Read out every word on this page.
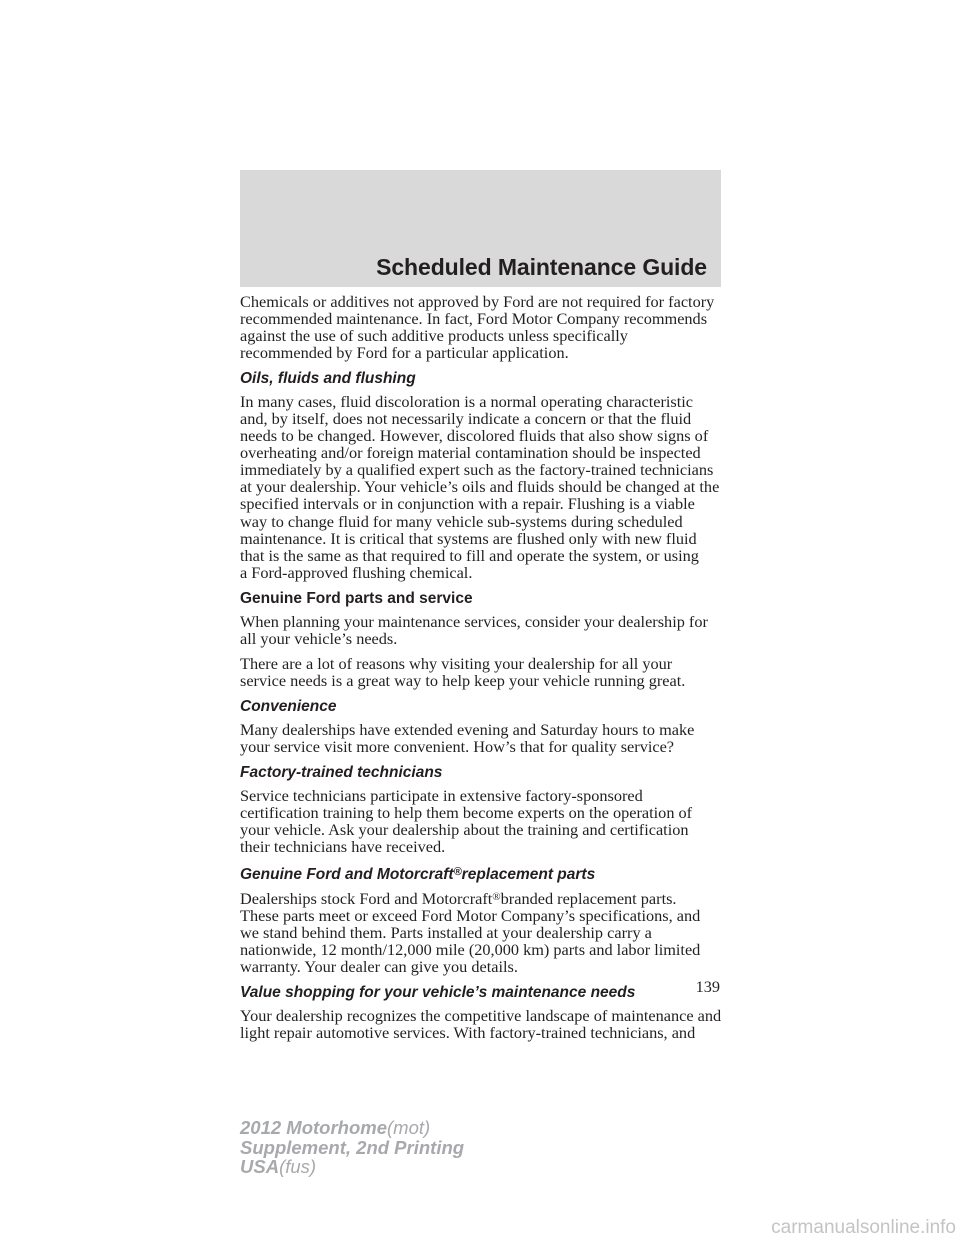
Scheduled Maintenance Guide

Chemicals or additives not approved by Ford are not required for factory
recommended maintenance. In fact, Ford Motor Company recommends
against the use of such additive products unless specifically
recommended by Ford for a particular application.

Oils, fluids and flushing

In many cases, fluid discoloration is a normal operating characteristic
and, by itself, does not necessarily indicate a concern or that the fluid
needs to be changed. However, discolored fluids that also show signs of
overheating and/or foreign material contamination should be inspected
immediately by a qualified expert such as the factory-trained technicians
at your dealership. Your vehicle’s oils and fluids should be changed at the
specified intervals or in conjunction with a repair. Flushing is a viable
way to change fluid for many vehicle sub-systems during scheduled
maintenance. It is critical that systems are flushed only with new fluid
that is the same as that required to fill and operate the system, or using
a Ford-approved flushing chemical.

Genuine Ford parts and service

When planning your maintenance services, consider your dealership for
all your vehicle’s needs.

There are a lot of reasons why visiting your dealership for all your
service needs is a great way to help keep your vehicle running great.

Convenience

Many dealerships have extended evening and Saturday hours to make
your service visit more convenient. How’s that for quality service?

Factory-trained technicians

Service technicians participate in extensive factory-sponsored
certification training to help them become experts on the operation of
your vehicle. Ask your dealership about the training and certification
their technicians have received.

Genuine Ford and Motorcraft®replacement parts

Dealerships stock Ford and Motorcraft®branded replacement parts.
These parts meet or exceed Ford Motor Company’s specifications, and
we stand behind them. Parts installed at your dealership carry a
nationwide, 12 month/12,000 mile (20,000 km) parts and labor limited
warranty. Your dealer can give you details.

Value shopping for your vehicle’s maintenance needs

Your dealership recognizes the competitive landscape of maintenance and
light repair automotive services. With factory-trained technicians, and

139
2012 Motorhome(mot)
Supplement, 2nd Printing
USA(fus)
carmanualsonline.info
